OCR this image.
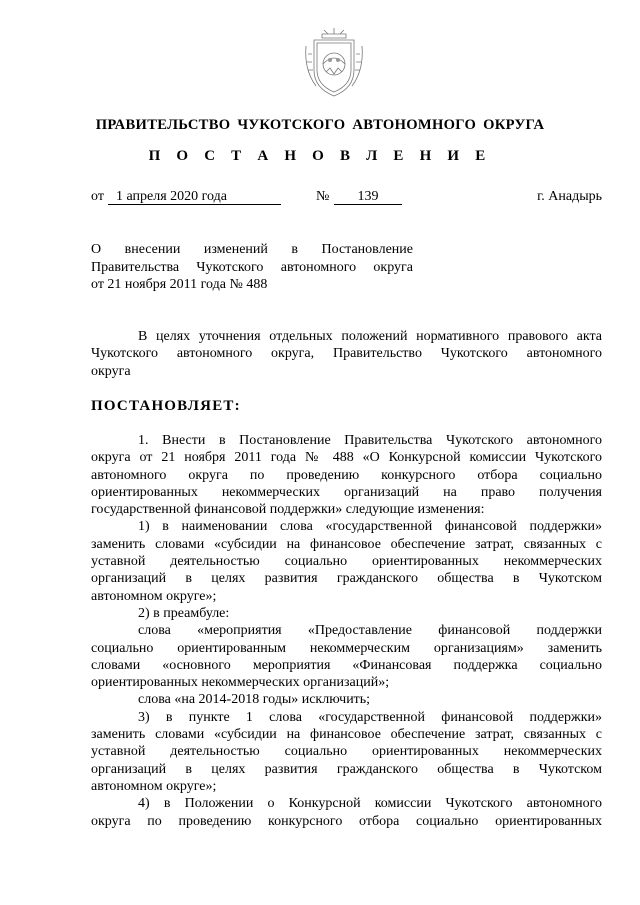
ПРАВИТЕЛЬСТВО ЧУКОТСКОГО АВТОНОМНОГО ОКРУГА
П О С Т А Н О В Л Е Н И Е
от 1 апреля 2020 года	№	139	г. Анадырь
О внесении изменений в Постановление
Правительства Чукотского автономного округа
от 21 ноября 2011 года № 488
В целях уточнения отдельных положений нормативного правового акта
Чукотского автономного округа, Правительство Чукотского автономного
округа
ПОСТАНОВЛЯЕТ:
1. Внести в Постановление Правительства Чукотского автономного
округа от 21 ноября 2011 года № 488 «О Конкурсной комиссии Чукотского
автономного округа по проведению конкурсного отбора социально
ориентированных некоммерческих организаций на право получения
государственной финансовой поддержки» следующие изменения:
1) в наименовании слова «государственной финансовой поддержки»
заменить словами «субсидии на финансовое обеспечение затрат, связанных с
уставной деятельностью социально ориентированных некоммерческих
организаций в целях развития гражданского общества в Чукотском
автономном округе»;
2) в преамбуле:
слова «мероприятия «Предоставление финансовой поддержки
социально ориентированным некоммерческим организациям» заменить
словами «основного мероприятия «Финансовая поддержка социально
ориентированных некоммерческих организаций»;
слова «на 2014-2018 годы» исключить;
3) в пункте 1 слова «государственной финансовой поддержки»
заменить словами «субсидии на финансовое обеспечение затрат, связанных с
уставной деятельностью социально ориентированных некоммерческих
организаций в целях развития гражданского общества в Чукотском
автономном округе»;
4) в Положении о Конкурсной комиссии Чукотского автономного
округа по проведению конкурсного отбора социально ориентированных
